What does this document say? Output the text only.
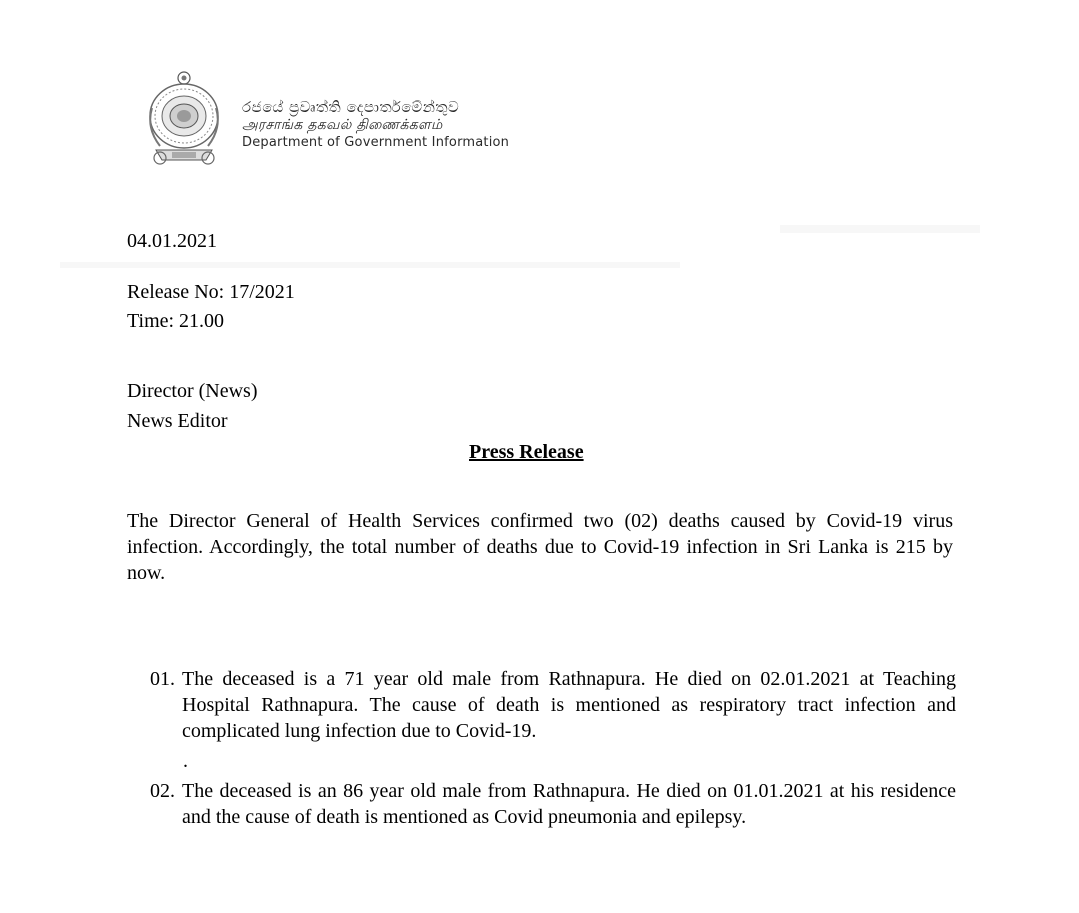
රජයේ ප්‍රවෘත්ති දෙපාර්තමේන්තුව
அரசாங்க தகவல் திணைக்களம்
Department of Government Information
04.01.2021
Release No: 17/2021
Time: 21.00
Director (News)
News Editor
Press Release
The Director General of Health Services confirmed two (02) deaths caused by Covid-19 virus infection. Accordingly, the total number of deaths due to Covid-19 infection in Sri Lanka is 215 by now.
01. The deceased is a 71 year old male from Rathnapura. He died on 02.01.2021 at Teaching Hospital Rathnapura. The cause of death is mentioned as respiratory tract infection and complicated lung infection due to Covid-19.
.
02. The deceased is an 86 year old male from Rathnapura. He died on 01.01.2021 at his residence and the cause of death is mentioned as Covid pneumonia and epilepsy.
